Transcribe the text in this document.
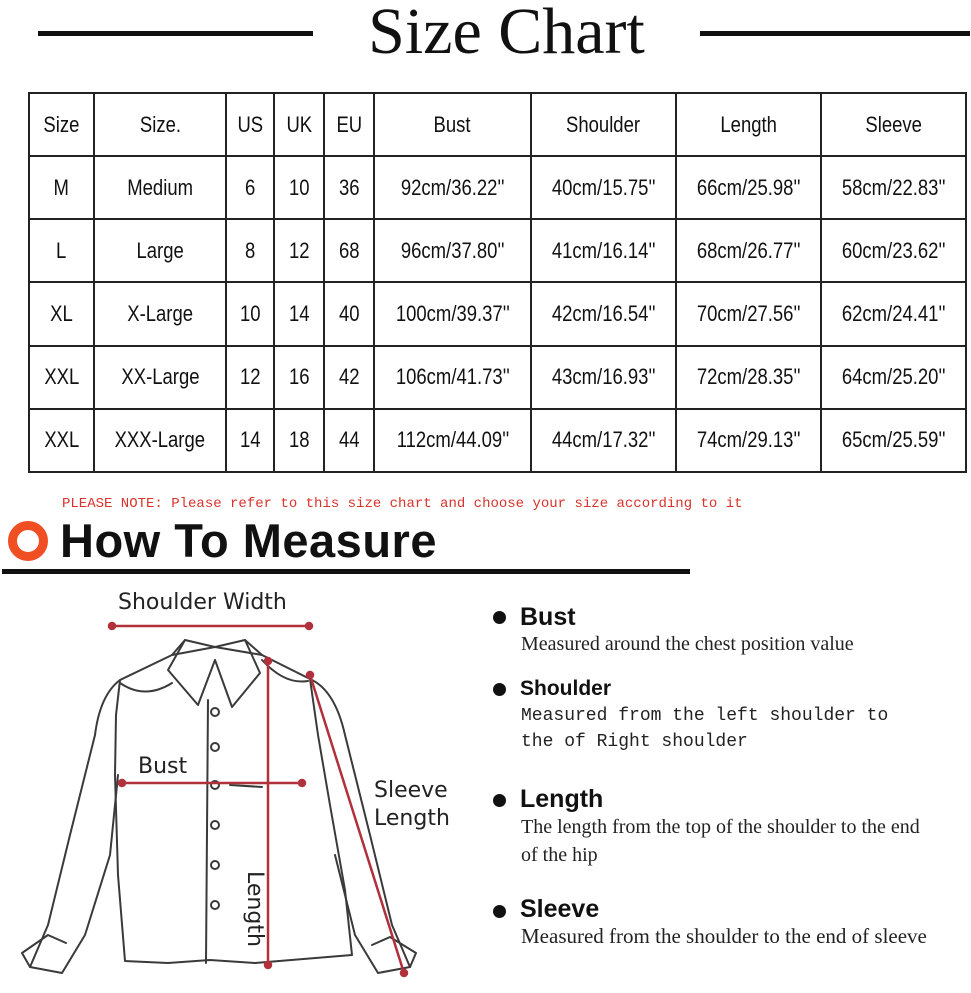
Size Chart
Size	Size.	US	UK	EU	Bust	Shoulder	Length	Sleeve
M	Medium	6	10	36	92cm/36.22''	40cm/15.75''	66cm/25.98''	58cm/22.83''
L	Large	8	12	68	96cm/37.80''	41cm/16.14''	68cm/26.77''	60cm/23.62''
XL	X-Large	10	14	40	100cm/39.37''	42cm/16.54''	70cm/27.56''	62cm/24.41''
XXL	XX-Large	12	16	42	106cm/41.73''	43cm/16.93''	72cm/28.35''	64cm/25.20''
XXL	XXX-Large	14	18	44	112cm/44.09''	44cm/17.32''	74cm/29.13''	65cm/25.59''
PLEASE NOTE: Please refer to this size chart and choose your size according to it
How To Measure
Shoulder Width
Bust
Sleeve
Length
Length
Bust
Measured around the chest position value
Shoulder
Measured from the left shoulder to the of Right shoulder
Length
The length from the top of the shoulder to the end of the hip
Sleeve
Measured from the shoulder to the end of sleeve
